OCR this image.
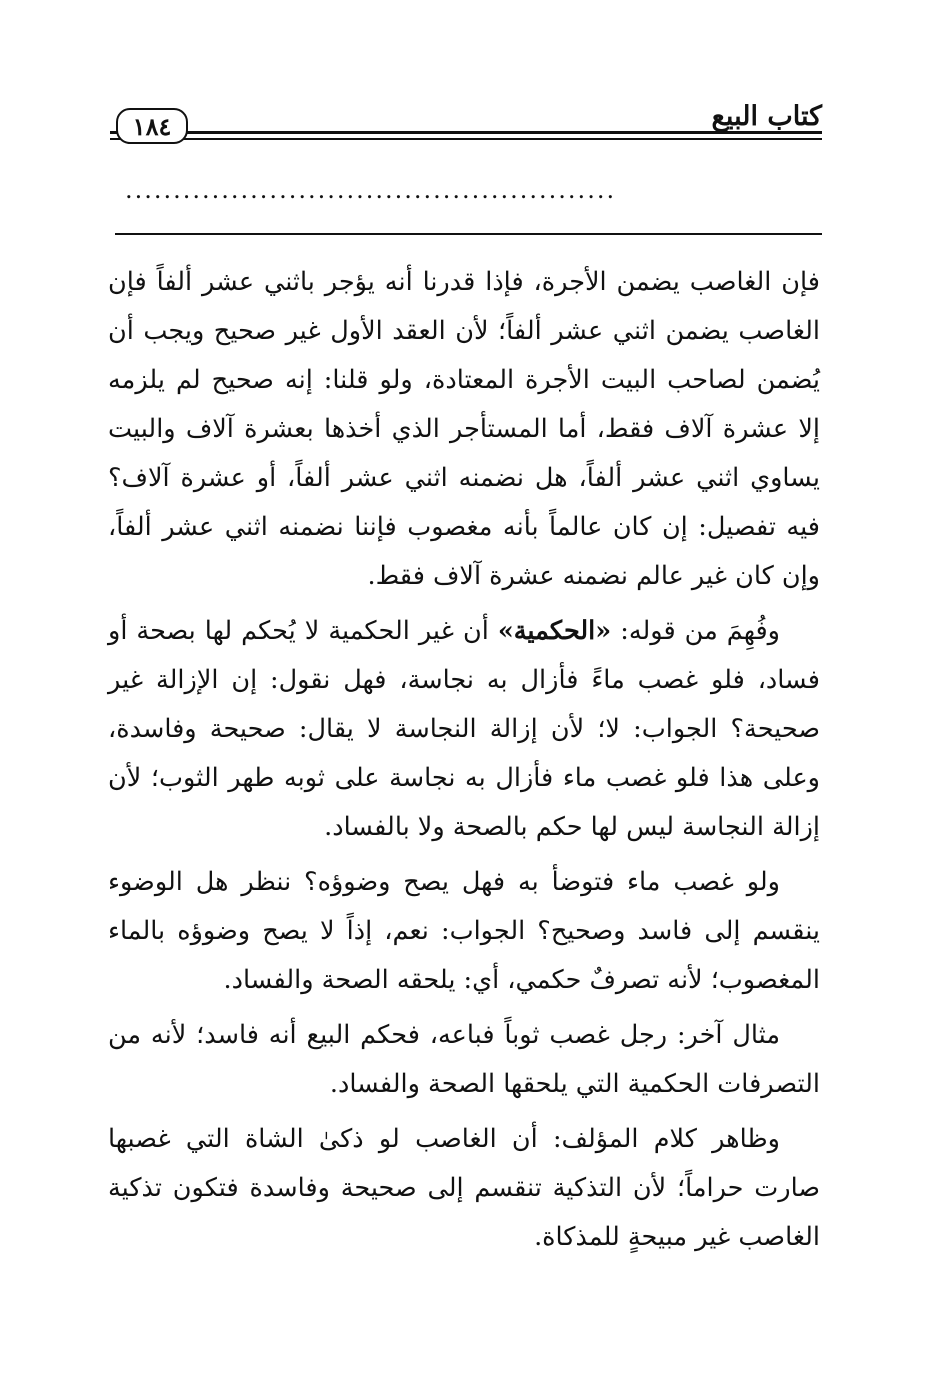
كتاب البيع
١٨٤
...................................................

فإن الغاصب يضمن الأجرة، فإذا قدرنا أنه يؤجر باثني عشر ألفاً فإن الغاصب يضمن اثني عشر ألفاً؛ لأن العقد الأول غير صحيح ويجب أن يُضمن لصاحب البيت الأجرة المعتادة، ولو قلنا: إنه صحيح لم يلزمه إلا عشرة آلاف فقط، أما المستأجر الذي أخذها بعشرة آلاف والبيت يساوي اثني عشر ألفاً، هل نضمنه اثني عشر ألفاً، أو عشرة آلاف؟ فيه تفصيل: إن كان عالماً بأنه مغصوب فإننا نضمنه اثني عشر ألفاً، وإن كان غير عالم نضمنه عشرة آلاف فقط.

وفُهِمَ من قوله: «الحكمية» أن غير الحكمية لا يُحكم لها بصحة أو فساد، فلو غصب ماءً فأزال به نجاسة، فهل نقول: إن الإزالة غير صحيحة؟ الجواب: لا؛ لأن إزالة النجاسة لا يقال: صحيحة وفاسدة، وعلى هذا فلو غصب ماء فأزال به نجاسة على ثوبه طهر الثوب؛ لأن إزالة النجاسة ليس لها حكم بالصحة ولا بالفساد.

ولو غصب ماء فتوضأ به فهل يصح وضوؤه؟ ننظر هل الوضوء ينقسم إلى فاسد وصحيح؟ الجواب: نعم، إذاً لا يصح وضوؤه بالماء المغصوب؛ لأنه تصرفٌ حكمي، أي: يلحقه الصحة والفساد.

مثال آخر: رجل غصب ثوباً فباعه، فحكم البيع أنه فاسد؛ لأنه من التصرفات الحكمية التي يلحقها الصحة والفساد.

وظاهر كلام المؤلف: أن الغاصب لو ذكىٰ الشاة التي غصبها صارت حراماً؛ لأن التذكية تنقسم إلى صحيحة وفاسدة فتكون تذكية الغاصب غير مبيحةٍ للمذكاة.
